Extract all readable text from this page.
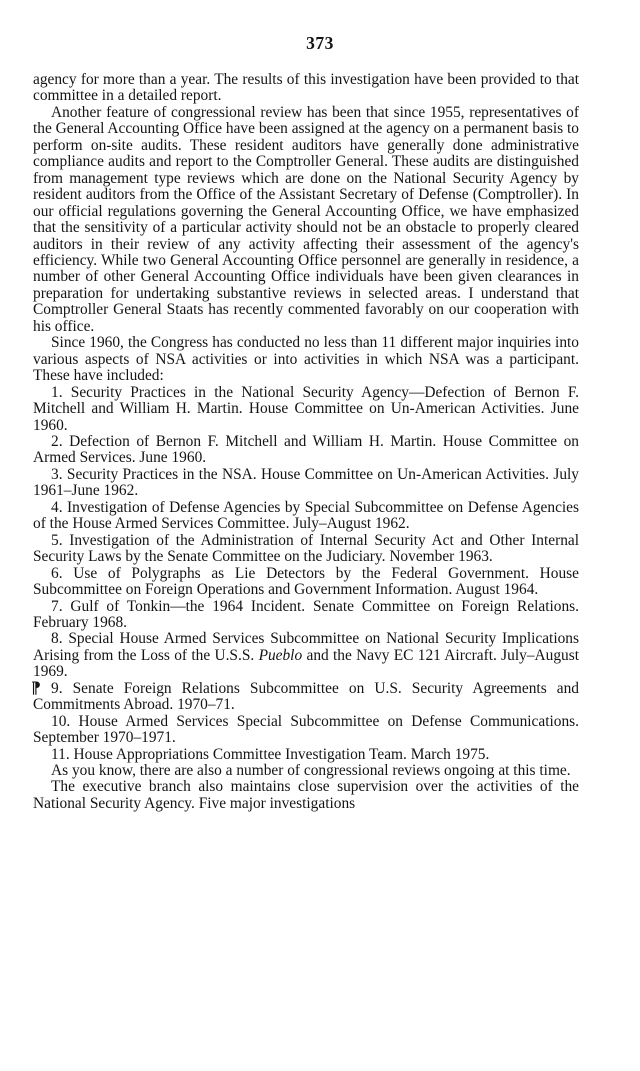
373

agency for more than a year. The results of this investigation have been provided to that committee in a detailed report.

Another feature of congressional review has been that since 1955, representatives of the General Accounting Office have been assigned at the agency on a permanent basis to perform on-site audits. These resident auditors have generally done administrative compliance audits and report to the Comptroller General. These audits are distinguished from management type reviews which are done on the National Security Agency by resident auditors from the Office of the Assistant Secretary of Defense (Comptroller). In our official regulations governing the General Accounting Office, we have emphasized that the sensitivity of a particular activity should not be an obstacle to properly cleared auditors in their review of any activity affecting their assessment of the agency's efficiency. While two General Accounting Office personnel are generally in residence, a number of other General Accounting Office individuals have been given clearances in preparation for undertaking substantive reviews in selected areas. I understand that Comptroller General Staats has recently commented favorably on our cooperation with his office.

Since 1960, the Congress has conducted no less than 11 different major inquiries into various aspects of NSA activities or into activities in which NSA was a participant. These have included:

1. Security Practices in the National Security Agency—Defection of Bernon F. Mitchell and William H. Martin. House Committee on Un-American Activities. June 1960.

2. Defection of Bernon F. Mitchell and William H. Martin. House Committee on Armed Services. June 1960.

3. Security Practices in the NSA. House Committee on Un-American Activities. July 1961–June 1962.

4. Investigation of Defense Agencies by Special Subcommittee on Defense Agencies of the House Armed Services Committee. July–August 1962.

5. Investigation of the Administration of Internal Security Act and Other Internal Security Laws by the Senate Committee on the Judiciary. November 1963.

6. Use of Polygraphs as Lie Detectors by the Federal Government. House Subcommittee on Foreign Operations and Government Information. August 1964.

7. Gulf of Tonkin—the 1964 Incident. Senate Committee on Foreign Relations. February 1968.

8. Special House Armed Services Subcommittee on National Security Implications Arising from the Loss of the U.S.S. Pueblo and the Navy EC 121 Aircraft. July–August 1969.

⁋ 9. Senate Foreign Relations Subcommittee on U.S. Security Agreements and Commitments Abroad. 1970–71.

10. House Armed Services Special Subcommittee on Defense Communications. September 1970–1971.

11. House Appropriations Committee Investigation Team. March 1975.

As you know, there are also a number of congressional reviews ongoing at this time.

The executive branch also maintains close supervision over the activities of the National Security Agency. Five major investigations
